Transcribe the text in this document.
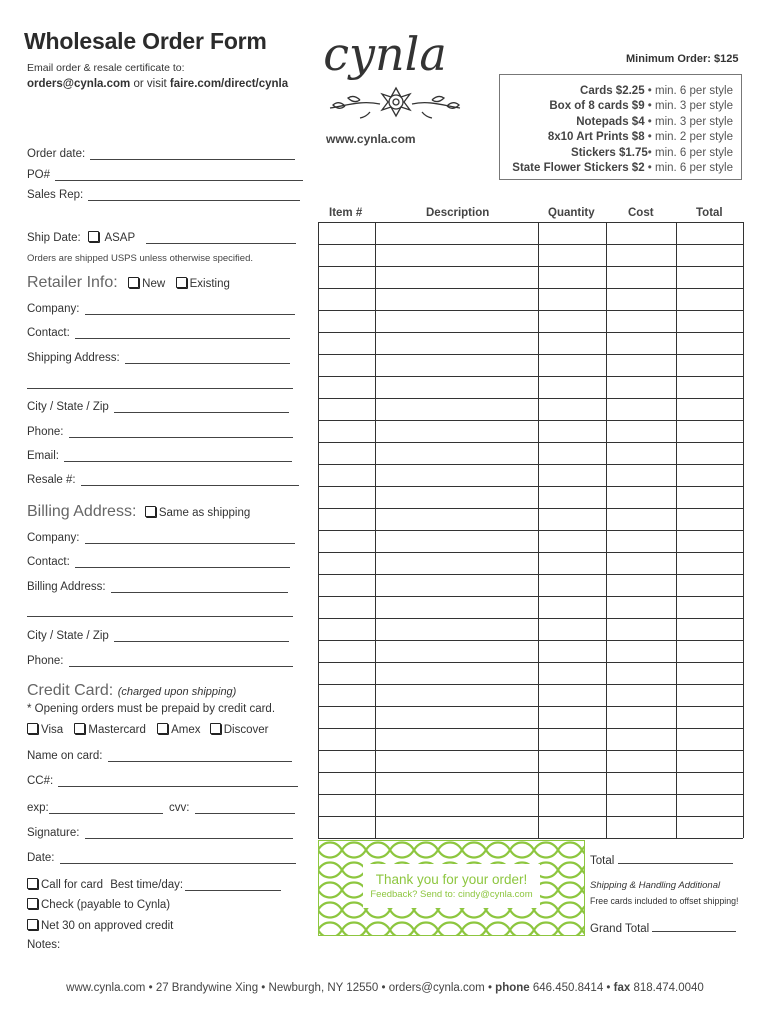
Wholesale Order Form
Email order & resale certificate to:
orders@cynla.com or visit faire.com/direct/cynla
cynla
www.cynla.com
Minimum Order: $125
Cards $2.25 • min. 6 per style
Box of 8 cards $9 • min. 3 per style
Notepads $4 • min. 3 per style
8x10 Art Prints $8 • min. 2 per style
Stickers $1.75• min. 6 per style
State Flower Stickers $2 • min. 6 per style
Order date:
PO#
Sales Rep:
Ship Date: ASAP
Orders are shipped USPS unless otherwise specified.
Retailer Info: New Existing
Company:
Contact:
Shipping Address:
City / State / Zip
Phone:
Email:
Resale #:
Billing Address: Same as shipping
Company:
Contact:
Billing Address:
City / State / Zip
Phone:
Credit Card: (charged upon shipping)
* Opening orders must be prepaid by credit card.
Visa Mastercard Amex Discover
Name on card:
CC#:
exp:	cvv:
Signature:
Date:
Call for card Best time/day:
Check (payable to Cynla)
Net 30 on approved credit
Notes:
Item #	Description	Quantity	Cost	Total
Thank you for your order!
Feedback? Send to: cindy@cynla.com
Total
Shipping & Handling Additional
Free cards included to offset shipping!
Grand Total
www.cynla.com • 27 Brandywine Xing • Newburgh, NY 12550 • orders@cynla.com • phone 646.450.8414 • fax 818.474.0040
